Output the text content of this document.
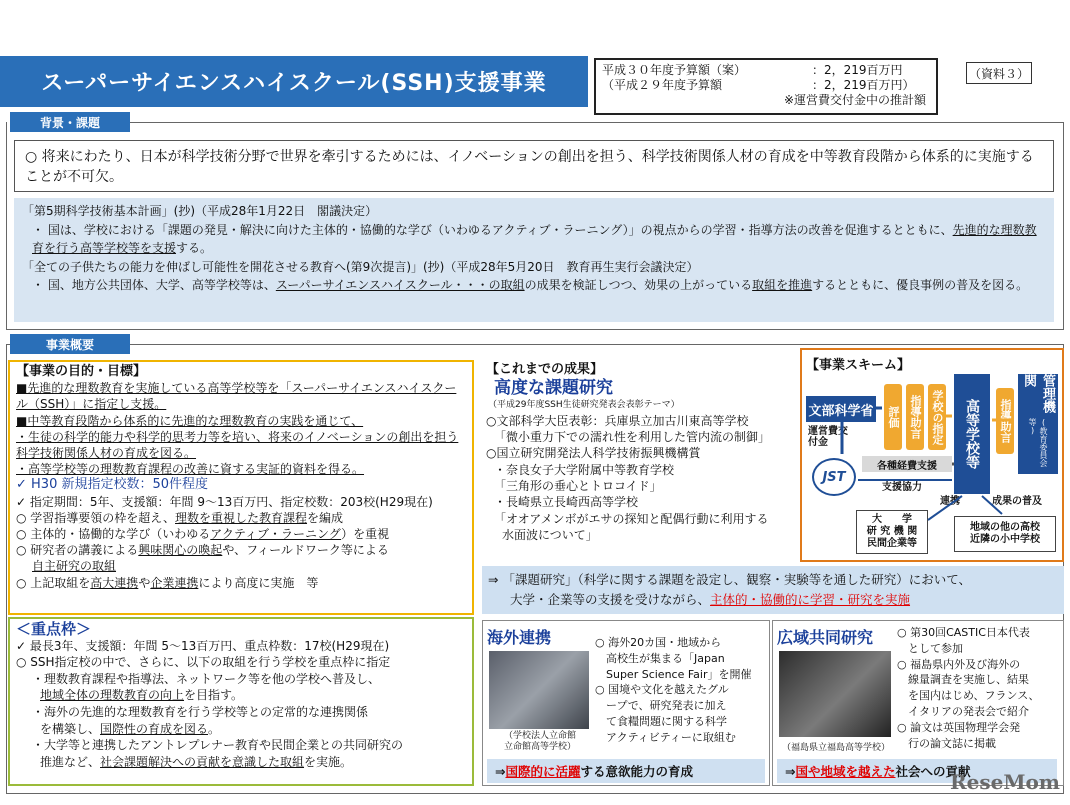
スーパーサイエンスハイスクール(SSH)支援事業
平成３０年度予算額（案）	：2，219百万円
（平成２９年度予算額	：2，219百万円）
※運営費交付金中の推計額
（資料３）
背景・課題
○ 将来にわたり、日本が科学技術分野で世界を牽引するためには、イノベーションの創出を担う、科学技術関係人材の育成を中等教育段階から体系的に実施することが不可欠。
「第5期科学技術基本計画」(抄)（平成28年1月22日　閣議決定）
・ 国は、学校における「課題の発見・解決に向けた主体的・協働的な学び（いわゆるアクティブ・ラーニング）」の視点からの学習・指導方法の改善を促進するとともに、先進的な理数教育を行う高等学校等を支援する。
「全ての子供たちの能力を伸ばし可能性を開花させる教育へ(第9次提言)」(抄)（平成28年5月20日　教育再生実行会議決定）
・ 国、地方公共団体、大学、高等学校等は、スーパーサイエンスハイスクール・・・の取組の成果を検証しつつ、効果の上がっている取組を推進するとともに、優良事例の普及を図る。
事業概要
【事業の目的・目標】
■先進的な理数教育を実施している高等学校等を「スーパーサイエンスハイスクール（SSH）」に指定し支援。
■中等教育段階から体系的に先進的な理数教育の実践を通じて、
・生徒の科学的能力や科学的思考力等を培い、将来のイノベーションの創出を担う科学技術関係人材の育成を図る。
・高等学校等の理数教育課程の改善に資する実証的資料を得る。
✓ H30 新規指定校数：50件程度
✓ 指定期間：5年、支援額：年間 9～13百万円、指定校数：203校(H29現在)
○ 学習指導要領の枠を超え、理数を重視した教育課程を編成
○ 主体的・協働的な学び（いわゆるアクティブ・ラーニング）を重視
○ 研究者の講義による興味関心の喚起や、フィールドワーク等による
自主研究の取組
○ 上記取組を高大連携や企業連携により高度に実施　等
＜重点枠＞
✓ 最長3年、支援額：年間 5～13百万円、重点枠数：17校(H29現在)
○ SSH指定校の中で、さらに、以下の取組を行う学校を重点枠に指定
・理数教育課程や指導法、ネットワーク等を他の学校へ普及し、
地域全体の理数教育の向上を目指す。
・海外の先進的な理数教育を行う学校等との定常的な連携関係
を構築し、国際性の育成を図る。
・大学等と連携したアントレプレナー教育や民間企業との共同研究の
推進など、社会課題解決への貢献を意識した取組を実施。
【これまでの成果】
高度な課題研究
（平成29年度SSH生徒研究発表会表彰テーマ）
○文部科学大臣表彰：兵庫県立加古川東高等学校
「微小重力下での濡れ性を利用した管内流の制御」
○国立研究開発法人科学技術振興機構賞
・奈良女子大学附属中等教育学校
「三角形の垂心とトロコイド」
・長崎県立長崎西高等学校
「オオアメンボがエサの探知と配偶行動に利用する
水面波について」
【事業スキーム】
文部科学省
運営費交付金
JST
評価 指導助言 学校の指定	高等学校等	指導助言
管理機関
(教育委員会等)
各種経費支援
支援協力
連携	成果の普及
大　　学
研 究 機 関
民間企業等
地域の他の高校
近隣の小中学校
⇒ 「課題研究」（科学に関する課題を設定し、観察・実験等を通した研究）において、
大学・企業等の支援を受けながら、主体的・協働的に学習・研究を実施
海外連携
（学校法人立命館
立命館高等学校）
○ 海外20カ国・地域から
　高校生が集まる「Japan
　Super Science Fair」を開催
○ 国境や文化を越えたグル
　ープで、研究発表に加え
　て食糧問題に関する科学
　アクティビティーに取組む
⇒ 国際的に活躍 する意欲能力の育成
広域共同研究
（福島県立福島高等学校）
○ 第30回CASTIC日本代表
　として参加
○ 福島県内外及び海外の
　線量調査を実施し、結果
　を国内はじめ、フランス、
　イタリアの発表会で紹介
○ 論文は英国物理学会発
　行の論文誌に掲載
⇒ 国や地域を越えた 社会への貢献
ReseMom
